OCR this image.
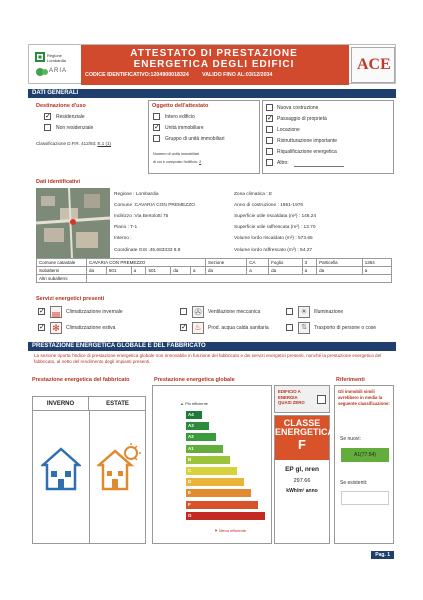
Regione Lombardia
ARIA
ATTESTATO DI PRESTAZIONE
ENERGETICA DEGLI EDIFICI
CODICE IDENTIFICATIVO:1204900018324	VALIDO FINO AL:03/12/2034
ACE
DATI GENERALI
Destinazione d'uso
✓ Residenziale
Non residenziale
Classificazione D.P.R. 412/93: E.1 (1)
Oggetto dell'attestato
Intero edificio
✓ Unità immobiliare
Gruppo di unità immobiliari
Numero di unità immobiliari
di cui è composto l'edificio: 2
Nuova costruzione
✓ Passaggio di proprietà
Locazione
Ristrutturazione importante
Riqualificazione energetica
Altro:
Dati identificativi
Regione : Lombardia
Comune :CAVARIA CON PREMEZZO
Indirizzo :Via Bertolotti 75
Piano : T-1
Interno :
Coordinate GIS :45.683333 8.8
Zona climatica : E
Anno di costruzione : 1961-1976
Superficie utile riscaldata (m²) : 146.24
Superficie utile raffrescata (m²) : 13.70
Volume lordo riscaldato (m³) : 573.65
Volume lordo raffrescato (m³) : 54.27
Comune catastale	CAVARIA CON PREMEZZO						Sezione	CA	Foglio	3	Particella	1364
Subalterni	da	501	a	501	da	a	da	a	da	a	da	a
Altri subalterni												
Servizi energetici presenti
✓	Climatizzazione invernale
✓ ✻ Climatizzazione estiva
✇ Ventilazione meccanica
✓ ♨ Prod. acqua calda sanitaria
☀ Illuminazione
⇅	Trasporto di persone o cose
PRESTAZIONE ENERGETICA GLOBALE E DEL FABBRICATO
La sezione riporta l'indice di prestazione energetica globale non rinnovabile in funzione del fabbricato e dei servizi energetici presenti, nonché la prestazione energetica del fabbricato, al netto del rendimento degli impianti presenti.
Prestazione energetica del fabbricato
INVERNO	ESTATE
Prestazione energetica globale
▲ Più efficiente
▼ Meno efficiente
EDIFICIO A ENERGIA QUASI ZERO
CLASSE ENERGETICA
F
EP gl, nren
297.66
kWh/m² anno
Riferimenti
Gli immobili simili avrebbero in media la seguente classificazione:
Se nuovi:
A1(77.54)
Se esistenti:
Pag. 1
A4
A3
A2
A1
B
C
D
E
F
G
